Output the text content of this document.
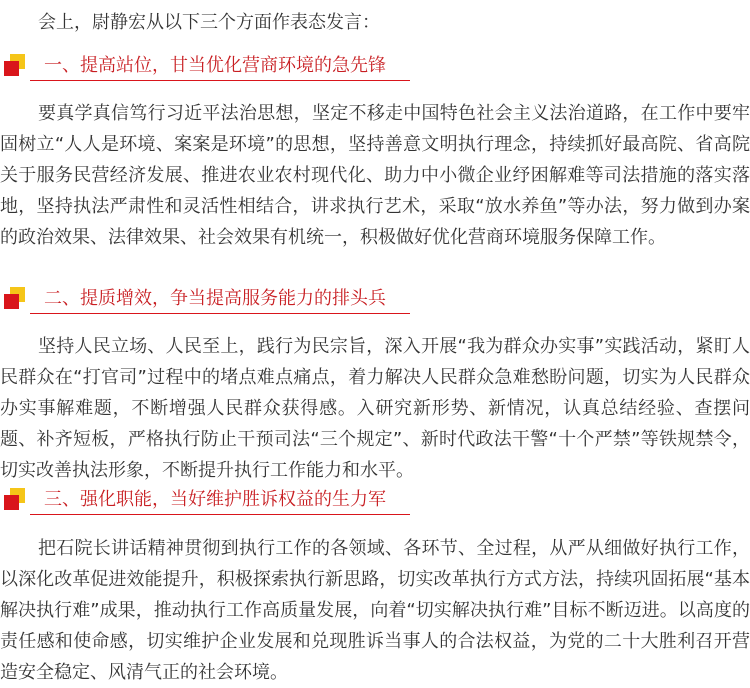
会上，尉静宏从以下三个方面作表态发言：

一、提高站位，甘当优化营商环境的急先锋

要真学真信笃行习近平法治思想，坚定不移走中国特色社会主义法治道路，在工作中要牢固树立“人人是环境、案案是环境”的思想，坚持善意文明执行理念，持续抓好最高院、省高院关于服务民营经济发展、推进农业农村现代化、助力中小微企业纾困解难等司法措施的落实落地，坚持执法严肃性和灵活性相结合，讲求执行艺术，采取“放水养鱼”等办法，努力做到办案的政治效果、法律效果、社会效果有机统一，积极做好优化营商环境服务保障工作。

二、提质增效，争当提高服务能力的排头兵

坚持人民立场、人民至上，践行为民宗旨，深入开展“我为群众办实事”实践活动，紧盯人民群众在“打官司”过程中的堵点难点痛点，着力解决人民群众急难愁盼问题，切实为人民群众办实事解难题，不断增强人民群众获得感。入研究新形势、新情况，认真总结经验、查摆问题、补齐短板，严格执行防止干预司法“三个规定”、新时代政法干警“十个严禁”等铁规禁令，切实改善执法形象，不断提升执行工作能力和水平。

三、强化职能，当好维护胜诉权益的生力军

把石院长讲话精神贯彻到执行工作的各领域、各环节、全过程，从严从细做好执行工作，以深化改革促进效能提升，积极探索执行新思路，切实改革执行方式方法，持续巩固拓展“基本解决执行难”成果，推动执行工作高质量发展，向着“切实解决执行难”目标不断迈进。以高度的责任感和使命感，切实维护企业发展和兑现胜诉当事人的合法权益，为党的二十大胜利召开营造安全稳定、风清气正的社会环境。
